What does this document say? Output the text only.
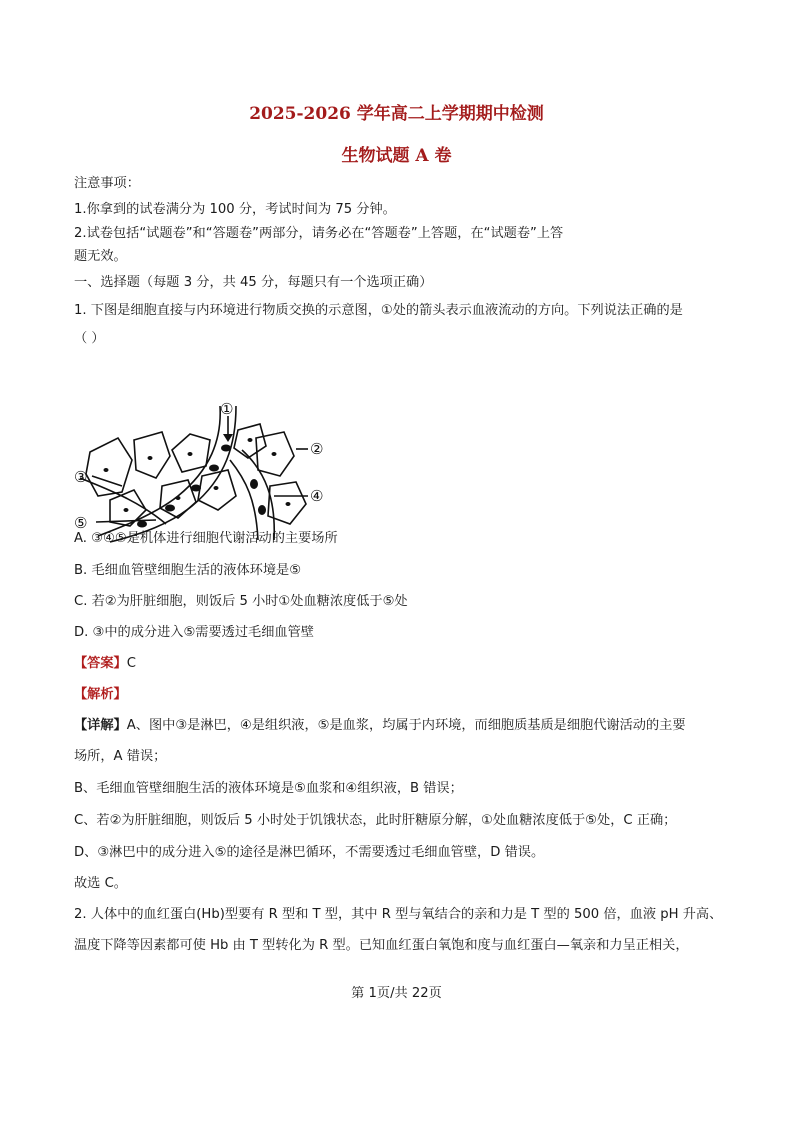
2025-2026 学年高二上学期期中检测
生物试题 A 卷
注意事项：
1.你拿到的试卷满分为 100 分，考试时间为 75 分钟。
2.试卷包括“试题卷”和“答题卷”两部分，请务必在“答题卷”上答题，在“试题卷”上答
题无效。
一、选择题（每题 3 分，共 45 分，每题只有一个选项正确）
1. 下图是细胞直接与内环境进行物质交换的示意图，①处的箭头表示血液流动的方向。下列说法正确的是
（ ）
①
②
③
④
⑤
A. ③④⑤是机体进行细胞代谢活动的主要场所
B. 毛细血管壁细胞生活的液体环境是⑤
C. 若②为肝脏细胞，则饭后 5 小时①处血糖浓度低于⑤处
D. ③中的成分进入⑤需要透过毛细血管壁
【答案】C
【解析】
【详解】A、图中③是淋巴，④是组织液，⑤是血浆，均属于内环境，而细胞质基质是细胞代谢活动的主要
场所，A 错误；
B、毛细血管壁细胞生活的液体环境是⑤血浆和④组织液，B 错误；
C、若②为肝脏细胞，则饭后 5 小时处于饥饿状态，此时肝糖原分解，①处血糖浓度低于⑤处，C 正确；
D、③淋巴中的成分进入⑤的途径是淋巴循环，不需要透过毛细血管壁，D 错误。
故选 C。
2. 人体中的血红蛋白(Hb)型要有 R 型和 T 型，其中 R 型与氧结合的亲和力是 T 型的 500 倍，血液 pH 升高、
温度下降等因素都可使 Hb 由 T 型转化为 R 型。已知血红蛋白氧饱和度与血红蛋白—氧亲和力呈正相关，
第 1页/共 22页
